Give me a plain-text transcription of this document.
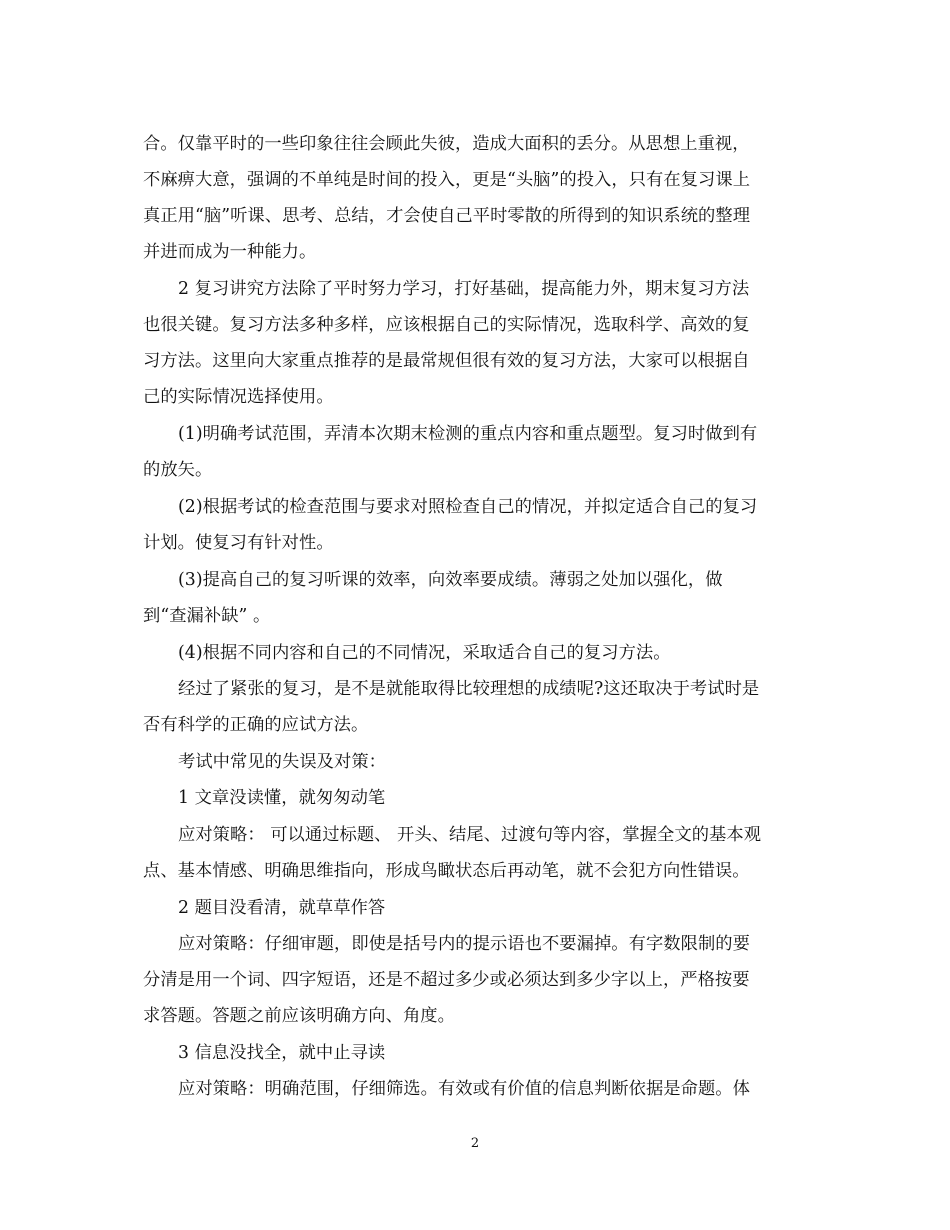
合。仅靠平时的一些印象往往会顾此失彼，造成大面积的丢分。从思想上重视，
不麻痹大意，强调的不单纯是时间的投入，更是“头脑”的投入，只有在复习课上
真正用“脑”听课、思考、总结，才会使自己平时零散的所得到的知识系统的整理
并进而成为一种能力。
2 复习讲究方法除了平时努力学习，打好基础，提高能力外，期末复习方法
也很关键。复习方法多种多样，应该根据自己的实际情况，选取科学、高效的复
习方法。这里向大家重点推荐的是最常规但很有效的复习方法，大家可以根据自
己的实际情况选择使用。
(1)明确考试范围，弄清本次期末检测的重点内容和重点题型。复习时做到有
的放矢。
(2)根据考试的检查范围与要求对照检查自己的情况，并拟定适合自己的复习
计划。使复习有针对性。
(3)提高自己的复习听课的效率，向效率要成绩。薄弱之处加以强化，做
到“查漏补缺” 。
(4)根据不同内容和自己的不同情况，采取适合自己的复习方法。
经过了紧张的复习，是不是就能取得比较理想的成绩呢?这还取决于考试时是
否有科学的正确的应试方法。
考试中常见的失误及对策：
1 文章没读懂，就匆匆动笔
应对策略： 可以通过标题、 开头、结尾、过渡句等内容，掌握全文的基本观
点、基本情感、明确思维指向，形成鸟瞰状态后再动笔，就不会犯方向性错误。
2 题目没看清，就草草作答
应对策略：仔细审题，即使是括号内的提示语也不要漏掉。有字数限制的要
分清是用一个词、四字短语，还是不超过多少或必须达到多少字以上，严格按要
求答题。答题之前应该明确方向、角度。
3 信息没找全，就中止寻读
应对策略：明确范围，仔细筛选。有效或有价值的信息判断依据是命题。体
2
